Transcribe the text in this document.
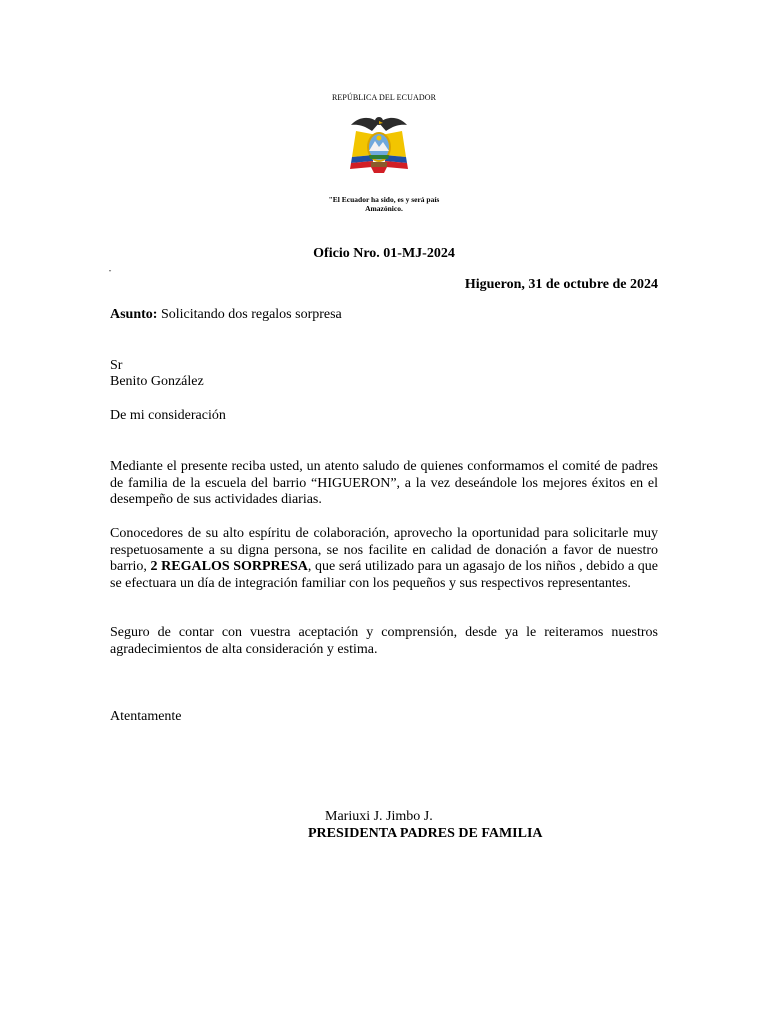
REPÚBLICA DEL ECUADOR
"El Ecuador ha sido, es y será país Amazónico.
Oficio Nro. 01-MJ-2024
"
Higueron, 31 de octubre de 2024
Asunto: Solicitando dos regalos sorpresa
Sr
Benito González
De mi consideración
Mediante el presente reciba usted, un atento saludo de quienes conformamos el comité de padres de familia de la escuela del barrio “HIGUERON”, a la vez deseándole los mejores éxitos en el desempeño de sus actividades diarias.
Conocedores de su alto espíritu de colaboración, aprovecho la oportunidad para solicitarle muy respetuosamente a su digna persona, se nos facilite en calidad de donación a favor de nuestro barrio, 2 REGALOS SORPRESA, que será utilizado para un agasajo de los niños , debido a que se efectuara un día de integración familiar con los pequeños y sus respectivos representantes.
Seguro de contar con vuestra aceptación y comprensión, desde ya le reiteramos nuestros agradecimientos de alta consideración y estima.
Atentamente
Mariuxi J. Jimbo J.
PRESIDENTA PADRES DE FAMILIA
